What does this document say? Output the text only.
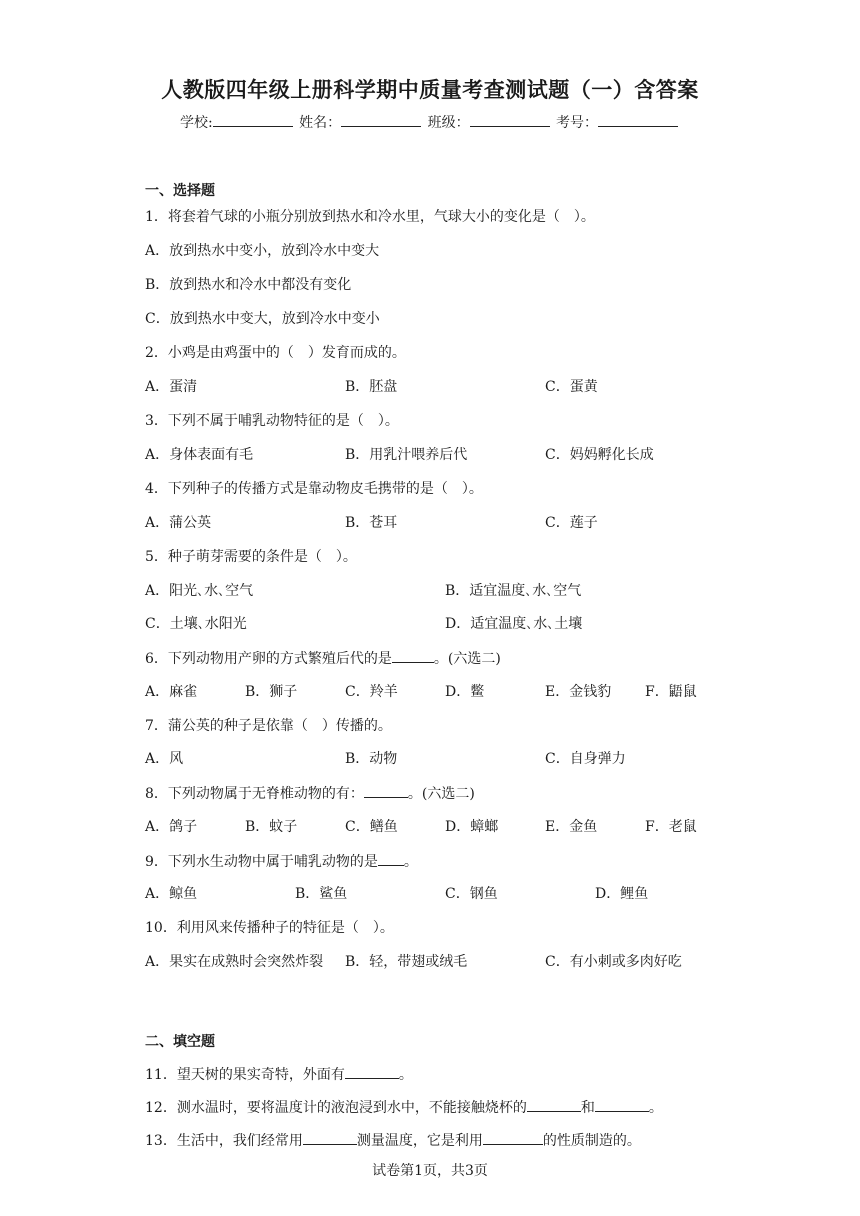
人教版四年级上册科学期中质量考查测试题（一）含答案
学校:	姓名：	班级：	考号：
一、选择题
1．将套着气球的小瓶分别放到热水和冷水里，气球大小的变化是（　）。
A．放到热水中变小，放到冷水中变大
B．放到热水和冷水中都没有变化
C．放到热水中变大，放到冷水中变小
2．小鸡是由鸡蛋中的（　）发育而成的。
A．蛋清	B．胚盘	C．蛋黄
3．下列不属于哺乳动物特征的是（　）。
A．身体表面有毛	B．用乳汁喂养后代	C．妈妈孵化长成
4．下列种子的传播方式是靠动物皮毛携带的是（　）。
A．蒲公英	B．苍耳	C．莲子
5．种子萌芽需要的条件是（　）。
A．阳光､水､空气	B．适宜温度､水､空气
C．土壤､水阳光	D．适宜温度､水､土壤
6．下列动物用产卵的方式繁殖后代的是	。(六选二)
A．麻雀	B．狮子	C．羚羊	D．鳖	E．金钱豹 F．鼯鼠
7．蒲公英的种子是依靠（　）传播的。
A．风	B．动物	C．自身弹力
8．下列动物属于无脊椎动物的有：	。(六选二)
A．鸽子	B．蚊子	C．鳝鱼	D．蟑螂	E．金鱼	F．老鼠
9．下列水生动物中属于哺乳动物的是 。
A．鲸鱼	B．鲨鱼	C．钢鱼	D．鲤鱼
10．利用风来传播种子的特征是（　）。
A．果实在成熟时会突然炸裂 B．轻，带翅或绒毛	C．有小刺或多肉好吃
二、填空题
11．望天树的果实奇特，外面有	。
12．测水温时，要将温度计的液泡浸到水中，不能接触烧杯的	和	。
13．生活中，我们经常用	测量温度，它是利用	的性质制造的。
试卷第1页，共3页
